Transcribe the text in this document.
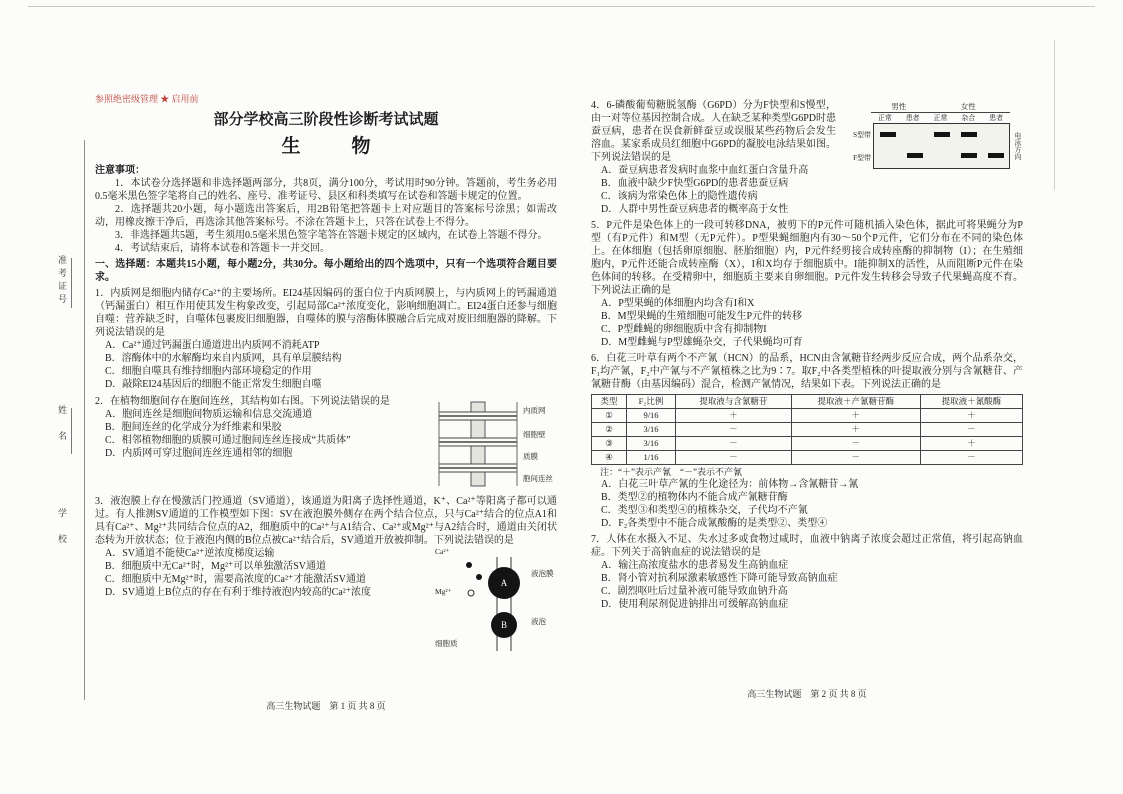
准考证号
姓　名
学　校

参照绝密级管理 ★ 启用前

部分学校高三阶段性诊断考试试题

生　物

注意事项：

1．本试卷分选择题和非选择题两部分，共8页，满分100分，考试用时90分钟。答题前，考生务必用0.5毫米黑色签字笔将自己的姓名、座号、准考证号、县区和科类填写在试卷和答题卡规定的位置。

2．选择题共20小题，每小题选出答案后，用2B铅笔把答题卡上对应题目的答案标号涂黑；如需改动，用橡皮擦干净后，再选涂其他答案标号。不涂在答题卡上，只答在试卷上不得分。

3．非选择题共5题，考生须用0.5毫米黑色签字笔答在答题卡规定的区域内，在试卷上答题不得分。

4．考试结束后，请将本试卷和答题卡一并交回。

一、选择题：本题共15小题，每小题2分，共30分。每小题给出的四个选项中，只有一个选项符合题目要求。

1．内质网是细胞内储存Ca²⁺的主要场所。EI24基因编码的蛋白位于内质网膜上，与内质网上的钙漏通道（钙漏蛋白）相互作用使其发生构象改变，引起局部Ca²⁺浓度变化，影响细胞凋亡。EI24蛋白还参与细胞自噬：营养缺乏时，自噬体包裹废旧细胞器，自噬体的膜与溶酶体膜融合后完成对废旧细胞器的降解。下列说法错误的是

A．Ca²⁺通过钙漏蛋白通道进出内质网不消耗ATP

B．溶酶体中的水解酶均来自内质网，具有单层膜结构

C．细胞自噬具有维持细胞内部环境稳定的作用

D．敲除EI24基因后的细胞不能正常发生细胞自噬

2．在植物细胞间存在胞间连丝，其结构如右图。下列说法错误的是

A．胞间连丝是细胞间物质运输和信息交流通道

B．胞间连丝的化学成分为纤维素和果胶

C．相邻植物细胞的质膜可通过胞间连丝连接成“共质体”

D．内质网可穿过胞间连丝连通相邻的细胞

内质网
细胞壁
质膜
胞间连丝

3．液泡膜上存在慢激活门控通道（SV通道），该通道为阳离子选择性通道，K⁺、Ca²⁺等阳离子都可以通过。有人推测SV通道的工作模型如下图：SV在液泡膜外侧存在两个结合位点，只与Ca²⁺结合的位点A1和具有Ca²⁺、Mg²⁺共同结合位点的A2，细胞质中的Ca²⁺与A1结合、Ca²⁺或Mg²⁺与A2结合时，通道由关闭状态转为开放状态；位于液泡内侧的B位点被Ca²⁺结合后，SV通道开放被抑制。下列说法错误的是

A．SV通道不能使Ca²⁺逆浓度梯度运输

B．细胞质中无Ca²⁺时，Mg²⁺可以单独激活SV通道

C．细胞质中无Mg²⁺时，需要高浓度的Ca²⁺才能激活SV通道

D．SV通道上B位点的存在有利于维持液泡内较高的Ca²⁺浓度

A
B
Ca²⁺
Mg²⁺
细胞质
液泡膜
液泡
男性	女性
正常	患者	正常	杂合	患者
S型带
F型带	电泳方向

4．6-磷酸葡萄糖脱氢酶（G6PD）分为F快型和S慢型，由一对等位基因控制合成。人在缺乏某种类型G6PD时患蚕豆病，患者在误食新鲜蚕豆或误服某些药物后会发生溶血。某家系成员红细胞中G6PD的凝胶电泳结果如图。下列说法错误的是

A．蚕豆病患者发病时血浆中血红蛋白含量升高

B．血液中缺少F快型G6PD的患者患蚕豆病

C．该病为常染色体上的隐性遗传病

D．人群中男性蚕豆病患者的概率高于女性

5．P元件是染色体上的一段可转移DNA，被剪下的P元件可随机插入染色体，据此可将果蝇分为P型（有P元件）和M型（无P元件）。P型果蝇细胞内有30～50个P元件，它们分布在不同的染色体上。在体细胞（包括卵原细胞、胚胎细胞）内，P元件经剪接合成转座酶的抑制物（I）；在生殖细胞内，P元件还能合成转座酶（X），I和X均存于细胞质中。I能抑制X的活性，从而阻断P元件在染色体间的转移。在受精卵中，细胞质主要来自卵细胞。P元件发生转移会导致子代果蝇高度不育。下列说法正确的是

A．P型果蝇的体细胞内均含有I和X

B．M型果蝇的生殖细胞可能发生P元件的转移

C．P型雌蝇的卵细胞质中含有抑制物I

D．M型雌蝇与P型雄蝇杂交，子代果蝇均可育

6．白花三叶草有两个不产氰（HCN）的品系，HCN由含氰糖苷经两步反应合成，两个品系杂交，F₁均产氰，F₂中产氰与不产氰植株之比为9∶7。取F₂中各类型植株的叶提取液分别与含氰糖苷、产氰糖苷酶（由基因编码）混合，检测产氰情况，结果如下表。下列说法正确的是

类型	F₂比例	提取液与含氰糖苷	提取液＋产氰糖苷酶	提取液＋氰酸酶
①	9/16	＋	＋	＋
②	3/16	－	＋	－
③	3/16	－	－	＋
④	1/16	－	－	－

注：“＋”表示产氰　“－”表示不产氰

A．白花三叶草产氰的生化途径为：前体物→含氰糖苷→氰

B．类型②的植物体内不能合成产氰糖苷酶

C．类型③和类型④的植株杂交，子代均不产氰

D．F₂各类型中不能合成氰酸酶的是类型②、类型④

7．人体在水摄入不足、失水过多或食物过咸时，血液中钠离子浓度会超过正常值，将引起高钠血症。下列关于高钠血症的说法错误的是

A．输注高浓度盐水的患者易发生高钠血症

B．肾小管对抗利尿激素敏感性下降可能导致高钠血症

C．剧烈呕吐后过量补液可能导致血钠升高

D．使用利尿剂促进钠排出可缓解高钠血症

高三生物试题　第 1 页 共 8 页
高三生物试题　第 2 页 共 8 页
